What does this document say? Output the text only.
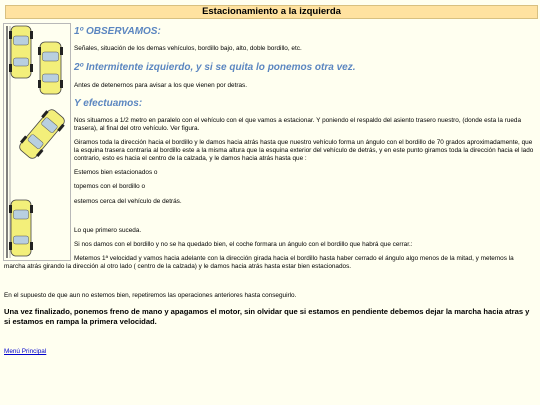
Estacionamiento a la izquierda

1º OBSERVAMOS:

Señales, situación de los demas vehículos, bordillo bajo, alto, doble bordillo, etc.

2º Intermitente izquierdo, y si se quita lo ponemos otra vez.

Antes de detenernos para avisar a los que vienen por detras.

Y efectuamos:

Nos situamos a 1/2 metro en paralelo con el vehículo con el que vamos a estacionar. Y poniendo el respaldo del asiento trasero nuestro, (donde esta la rueda trasera), al final del otro vehículo. Ver figura.

Giramos toda la dirección hacia el bordillo y le damos hacia atrás hasta que nuestro vehículo forma un ángulo con el bordillo de 70 grados aproximadamente, que la esquina trasera contraria al bordillo este a la misma altura que la esquina exterior del vehículo de detrás, y en este punto giramos toda la dirección hacia el lado contrario, esto es hacia el centro de la calzada, y le damos hacia atrás hasta que :

Estemos bien estacionados o

topemos con el bordillo o

estemos cerca del vehículo de detrás.

Lo que primero suceda.

Si nos damos con el bordillo y no se ha quedado bien, el coche formara un ángulo con el bordillo que habrá que cerrar.:

Metemos 1ª velocidad y vamos hacia adelante con la dirección girada hacia el bordillo hasta haber cerrado el ángulo algo menos de la mitad, y metemos la marcha atrás girando la dirección al otro lado ( centro de la calzada) y le damos hacia atrás hasta estar bien estacionados.

En el supuesto de que aun no estemos bien, repetiremos las operaciones anteriores hasta conseguirlo.

Una vez finalizado, ponemos freno de mano y apagamos el motor, sin olvidar que si estamos en pendiente debemos dejar la marcha hacia atras y si estamos en rampa la primera velocidad.

Menú Principal
